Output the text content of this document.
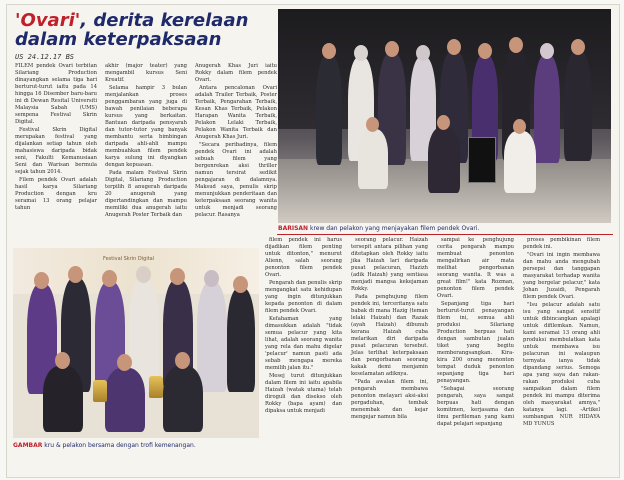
'Ovari', derita kerelaan
dalam keterpaksaan
US 24.12.17 BS

FILEM pendek Ovari terbitan Silariang Production dinayangkan selama tiga hari berturut-turut iaitu pada 14 hingga 16 Disember baru-baru ini di Dewan Resital Universiti Malaysia Sabah (UMS) sempena Festival Skrin Digital.

Festival Skrin Digital merupakan festival yang dijalankan setiap tahun oleh mahasiswa daripada bidak seni, Fakulti Kemanusiaan Seni dan Warisan bermula sejak tahun 2014.

Filem pendek Ovari adalah hasil karya Silariang Production dengan kru seramai 13 orang pelajar tahun

akhir (major teater) yang mengambil kursus Seni Kreatif.

Selama hampir 3 bulan menjalankan proses penggambaran yang juga di bawah penilaian beberapa kursus yang berkaitan. Bantuan daripada pensyarah dan tutor-tutor yang banyak membantu serta bimbingan daripada ahli-ahli mampu membuahkan filem pendek karya sulung ini diyangkan dengan kepuasan.

Pada malam Festival Skrin Digital, Silariang Production terpilih 8 anugerah daripada 20 anugerah yang dipertandingkan dan mampu memiliki dua anugerah iaitu Anugerah Poster Terbaik dan

Anugerah Khas Juri iaitu Rokky dalam filem pendek Ovari.

Antara pencalonan Ovari adalah Trailer Terbaik, Poster Terbaik, Pengarahan Terbaik, Kesan Khas Terbaik, Pelakon Harapan Wanita Terbaik, Pelakon Lelaki Terbaik, Pelakon Wanita Terbaik dan Anugerah Khas Juri.

"Secara peribadinya, filem pendek Ovari ini adalah sebuah filem yang bergenrekan aksi thriller namun tersirat sedikit pengajaran di dalamnya. Maksud saya, penulis skrip menunjukkan penderitaan dan keterpaksaan seorang wanita untuk menjadi seorang pelacur. Rasanya

BARISAN krew dan pelakon yang menjayakan filem pendek Ovari.
Festival Skrin Digital
GAMBAR kru & pelakon bersama dengan trofi kemenangan.

filem pendek ini harus dijadikan filem penting untuk ditonton," menurut Alienn, salah seorang penonton filem pendek Ovari.

Pengarah dan penulis skrip mengangkat satu kehidupan yang ingin ditunjukkan kepada penonton di dalam filem pendek Ovari.

Kefahaman yang dimasukkan adalah "tidak semua pelacur yang kita lihat, adalah seorang wanita yang rela dan mahu digelar 'pelacur' namun pasti ada sebab mengapa mereka memilih jalan itu."

Mesej turut ditunjukkan dalam filem ini iaitu apabila Haizah (watak utama) telah diroguli dan disekso oleh Rokky (bapa ayam) dan dipaksa untuk menjadi

seorang pelacur. Haizah tersepit antara pilihan yang ditetapkan oleh Rokky iaitu jika Haizah lari daripada pusat pelacuran, Hazizh (adik Haizah) yang sentiasa menjadi mangsa kekejaman Rokky.

Pada penghujung filem pendek ini, terceritanya satu babak di mana Hazig (teman lelaki Haizah) dan Razak (ayah Haizah) dibunuh kerana Haizah cuba melarikan diri daripada pusat pelacuran tersebut. Jelas terlihat keterpaksaan dan pengorbanan seorang kakak demi menjamin keselamatan adiknya.

"Pada awalan filem ini, pengarah membawa penonton melayari aksi-aksi pergaduhan, tembak menembak dan kejar mengejar namun bila

sampai ke penghujung cerita pengarah mampu membuat penonton mengalirkan air mata melihat pengorbanan seorang wanita. It was a great film!" kata Rozman, penonton filem pendek Ovari.

Sepanjang tiga hari berturut-turut penayangan filem ini, semua ahli produksi Silariang Production berpuas hati dengan sambutan jualan tiket yang begitu memberangsangkan. Kira-kira 200 orang menonton tempat duduk penonton sepanjang tiga hari penayangan.

"Sebagai seorang pengarah, saya sangat berpuas hati dengan komitmen, kerjasama dan ilmu perfileman yang kami dapat pelajari sepanjang

proses pembikinan filem pendek ini.

"Ovari ini ingin membawa dan mahu anda mengubah persepsi dan tanggapan masyarakat terhadap wanita yang bergelar pelacur," kata Johan Juzaidi, Pengarah filem pendek Ovari.

"Isu pelacur adalah satu isu yang sangat sensitif untuk dibincangkan apalagi untuk difilemkan. Namun, kami seramai 13 orang ahli produksi membulatkan kata untuk membawa isu pelacuran ini walaupun ternyata ianya tidak dipandang serius. Semoga apa yang saya dan rakan-rakan produksi cuba sampaikan dalam filem pendek ini mampu diterima oleh masyarakat amnya," katanya lagi. -Artikel sumbangan NUR HIDAYA MD YUNUS
